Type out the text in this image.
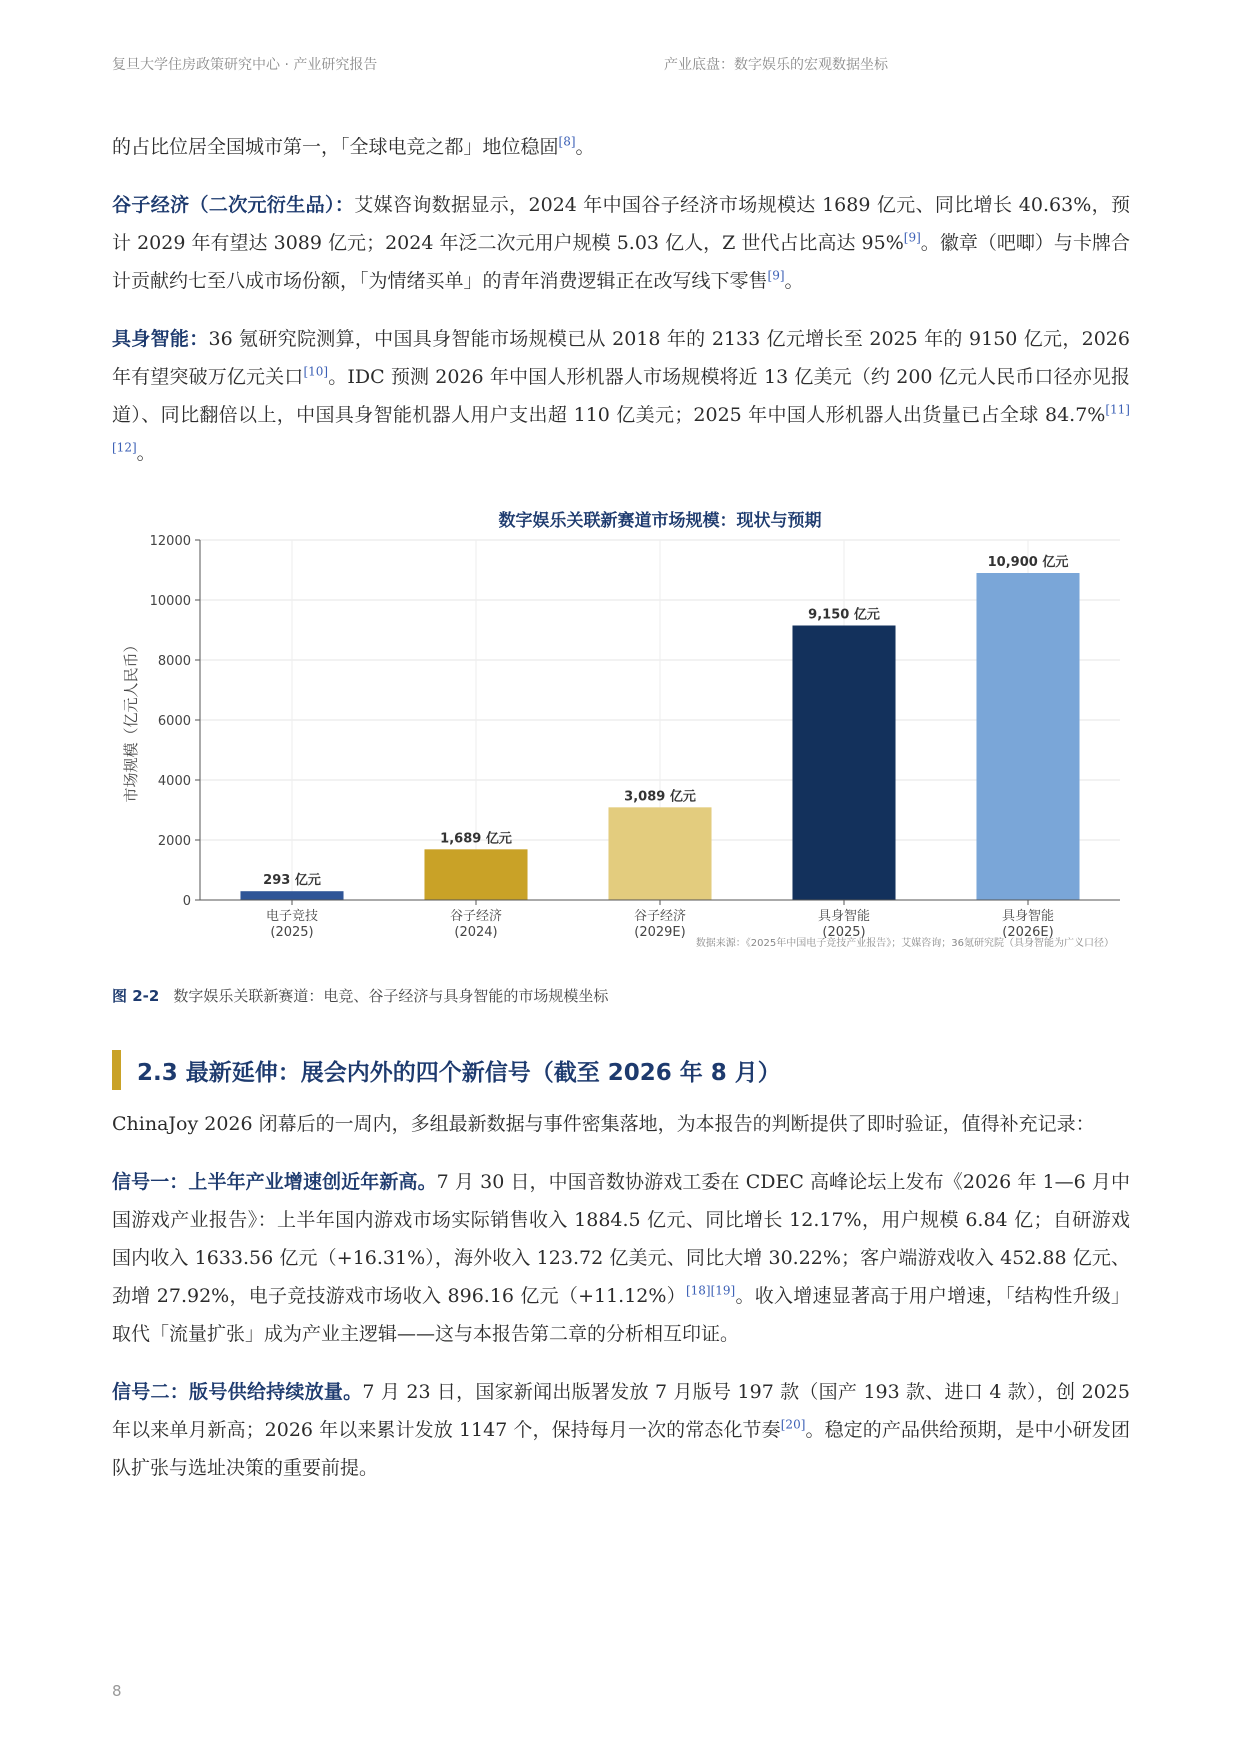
复旦大学住房政策研究中心 · 产业研究报告	产业底盘：数字娱乐的宏观数据坐标

的占比位居全国城市第一，「全球电竞之都」地位稳固[8]。

谷子经济（二次元衍生品）：艾媒咨询数据显示，2024 年中国谷子经济市场规模达 1689 亿元、同比增长 40.63%，预计 2029 年有望达 3089 亿元；2024 年泛二次元用户规模 5.03 亿人，Z 世代占比高达 95%[9]。徽章（吧唧）与卡牌合计贡献约七至八成市场份额，「为情绪买单」的青年消费逻辑正在改写线下零售[9]。

具身智能：36 氪研究院测算，中国具身智能市场规模已从 2018 年的 2133 亿元增长至 2025 年的 9150 亿元，2026 年有望突破万亿元关口[10]。IDC 预测 2026 年中国人形机器人市场规模将近 13 亿美元（约 200 亿元人民币口径亦见报道）、同比翻倍以上，中国具身智能机器人用户支出超 110 亿美元；2025 年中国人形机器人出货量已占全球 84.7%[11][12]。

数字娱乐关联新赛道市场规模：现状与预期
0
2000
4000
6000
8000
10000
12000
市场规模（亿元人民币）
293 亿元
电子竞技
(2025)
1,689 亿元
谷子经济
(2024)
3,089 亿元
谷子经济
(2029E)
9,150 亿元
具身智能
(2025)
10,900 亿元
具身智能
(2026E)
数据来源：《2025年中国电子竞技产业报告》；艾媒咨询；36氪研究院（具身智能为广义口径）
图 2-2 数字娱乐关联新赛道：电竞、谷子经济与具身智能的市场规模坐标
2.3 最新延伸：展会内外的四个新信号（截至 2026 年 8 月）

ChinaJoy 2026 闭幕后的一周内，多组最新数据与事件密集落地，为本报告的判断提供了即时验证，值得补充记录：

信号一：上半年产业增速创近年新高。7 月 30 日，中国音数协游戏工委在 CDEC 高峰论坛上发布《2026 年 1—6 月中国游戏产业报告》：上半年国内游戏市场实际销售收入 1884.5 亿元、同比增长 12.17%，用户规模 6.84 亿；自研游戏国内收入 1633.56 亿元（+16.31%），海外收入 123.72 亿美元、同比大增 30.22%；客户端游戏收入 452.88 亿元、劲增 27.92%，电子竞技游戏市场收入 896.16 亿元（+11.12%）[18][19]。收入增速显著高于用户增速，「结构性升级」取代「流量扩张」成为产业主逻辑——这与本报告第二章的分析相互印证。

信号二：版号供给持续放量。7 月 23 日，国家新闻出版署发放 7 月版号 197 款（国产 193 款、进口 4 款），创 2025 年以来单月新高；2026 年以来累计发放 1147 个，保持每月一次的常态化节奏[20]。稳定的产品供给预期，是中小研发团队扩张与选址决策的重要前提。

8
